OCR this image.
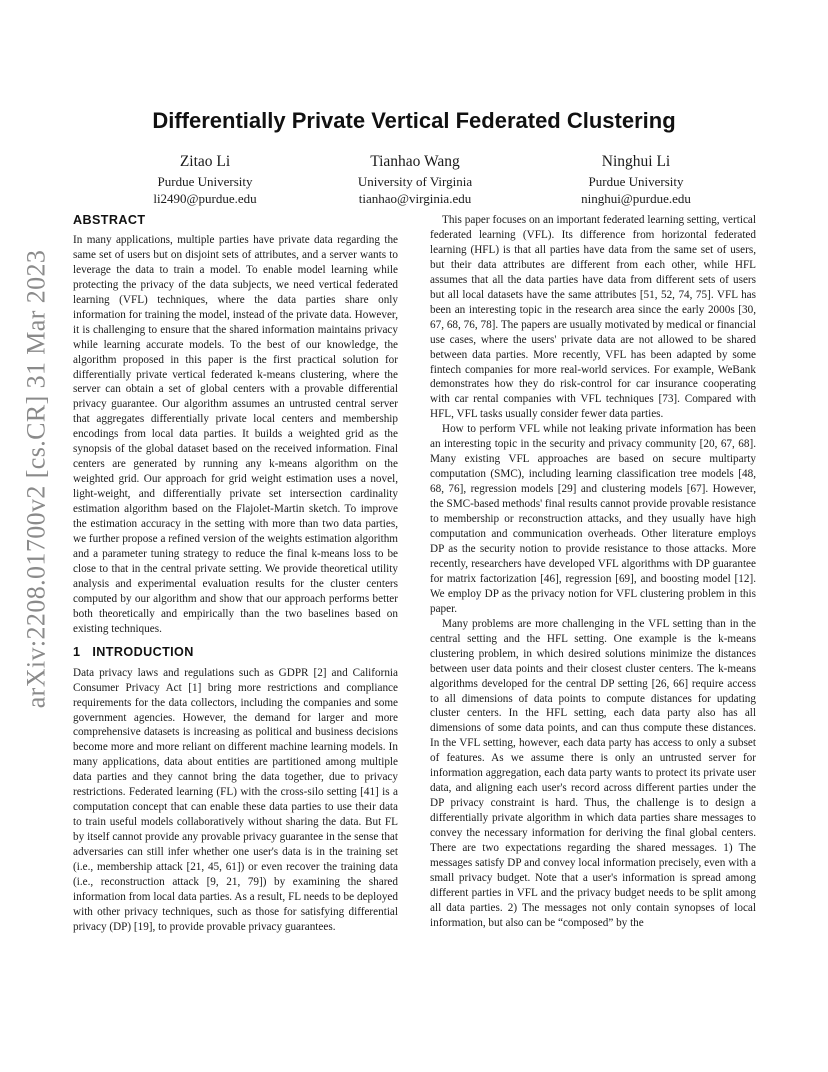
arXiv:2208.01700v2 [cs.CR] 31 Mar 2023
Differentially Private Vertical Federated Clustering
Zitao Li
Purdue University
li2490@purdue.edu
Tianhao Wang
University of Virginia
tianhao@virginia.edu
Ninghui Li
Purdue University
ninghui@purdue.edu
ABSTRACT

In many applications, multiple parties have private data regarding the same set of users but on disjoint sets of attributes, and a server wants to leverage the data to train a model. To enable model learning while protecting the privacy of the data subjects, we need vertical federated learning (VFL) techniques, where the data parties share only information for training the model, instead of the private data. However, it is challenging to ensure that the shared information maintains privacy while learning accurate models. To the best of our knowledge, the algorithm proposed in this paper is the first practical solution for differentially private vertical federated k-means clustering, where the server can obtain a set of global centers with a provable differential privacy guarantee. Our algorithm assumes an untrusted central server that aggregates differentially private local centers and membership encodings from local data parties. It builds a weighted grid as the synopsis of the global dataset based on the received information. Final centers are generated by running any k-means algorithm on the weighted grid. Our approach for grid weight estimation uses a novel, light-weight, and differentially private set intersection cardinality estimation algorithm based on the Flajolet-Martin sketch. To improve the estimation accuracy in the setting with more than two data parties, we further propose a refined version of the weights estimation algorithm and a parameter tuning strategy to reduce the final k-means loss to be close to that in the central private setting. We provide theoretical utility analysis and experimental evaluation results for the cluster centers computed by our algorithm and show that our approach performs better both theoretically and empirically than the two baselines based on existing techniques.

1 INTRODUCTION

Data privacy laws and regulations such as GDPR [2] and California Consumer Privacy Act [1] bring more restrictions and compliance requirements for the data collectors, including the companies and some government agencies. However, the demand for larger and more comprehensive datasets is increasing as political and business decisions become more and more reliant on different machine learning models. In many applications, data about entities are partitioned among multiple data parties and they cannot bring the data together, due to privacy restrictions. Federated learning (FL) with the cross-silo setting [41] is a computation concept that can enable these data parties to use their data to train useful models collaboratively without sharing the data. But FL by itself cannot provide any provable privacy guarantee in the sense that adversaries can still infer whether one user's data is in the training set (i.e., membership attack [21, 45, 61]) or even recover the training data (i.e., reconstruction attack [9, 21, 79]) by examining the shared information from local data parties. As a result, FL needs to be deployed with other privacy techniques, such as those for satisfying differential privacy (DP) [19], to provide provable privacy guarantees.

This paper focuses on an important federated learning setting, vertical federated learning (VFL). Its difference from horizontal federated learning (HFL) is that all parties have data from the same set of users, but their data attributes are different from each other, while HFL assumes that all the data parties have data from different sets of users but all local datasets have the same attributes [51, 52, 74, 75]. VFL has been an interesting topic in the research area since the early 2000s [30, 67, 68, 76, 78]. The papers are usually motivated by medical or financial use cases, where the users' private data are not allowed to be shared between data parties. More recently, VFL has been adapted by some fintech companies for more real-world services. For example, WeBank demonstrates how they do risk-control for car insurance cooperating with car rental companies with VFL techniques [73]. Compared with HFL, VFL tasks usually consider fewer data parties.

How to perform VFL while not leaking private information has been an interesting topic in the security and privacy community [20, 67, 68]. Many existing VFL approaches are based on secure multiparty computation (SMC), including learning classification tree models [48, 68, 76], regression models [29] and clustering models [67]. However, the SMC-based methods' final results cannot provide provable resistance to membership or reconstruction attacks, and they usually have high computation and communication overheads. Other literature employs DP as the security notion to provide resistance to those attacks. More recently, researchers have developed VFL algorithms with DP guarantee for matrix factorization [46], regression [69], and boosting model [12]. We employ DP as the privacy notion for VFL clustering problem in this paper.

Many problems are more challenging in the VFL setting than in the central setting and the HFL setting. One example is the k-means clustering problem, in which desired solutions minimize the distances between user data points and their closest cluster centers. The k-means algorithms developed for the central DP setting [26, 66] require access to all dimensions of data points to compute distances for updating cluster centers. In the HFL setting, each data party also has all dimensions of some data points, and can thus compute these distances. In the VFL setting, however, each data party has access to only a subset of features. As we assume there is only an untrusted server for information aggregation, each data party wants to protect its private user data, and aligning each user's record across different parties under the DP privacy constraint is hard. Thus, the challenge is to design a differentially private algorithm in which data parties share messages to convey the necessary information for deriving the final global centers. There are two expectations regarding the shared messages. 1) The messages satisfy DP and convey local information precisely, even with a small privacy budget. Note that a user's information is spread among different parties in VFL and the privacy budget needs to be split among all data parties. 2) The messages not only contain synopses of local information, but also can be “composed” by the
